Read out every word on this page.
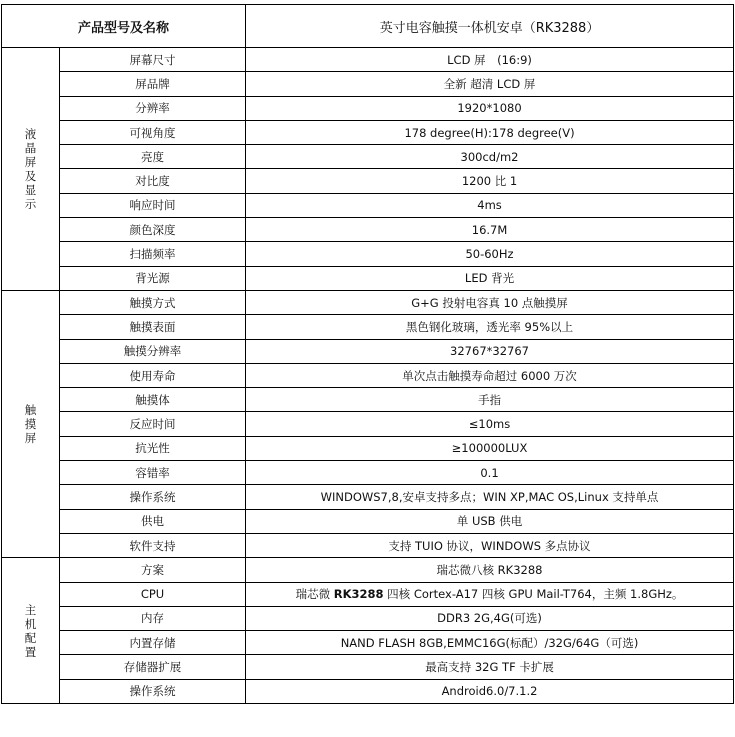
产品型号及名称		英寸电容触摸一体机安卓（RK3288）
液晶屏及显示	屏幕尺寸	LCD 屏　(16:9)
	屏品牌	全新 超清 LCD 屏
	分辨率	1920*1080
	可视角度	178 degree(H):178 degree(V)
	亮度	300cd/m2
	对比度	1200 比 1
	响应时间	4ms
	颜色深度	16.7M
	扫描频率	50-60Hz
	背光源	LED 背光
触摸屏	触摸方式	G+G 投射电容真 10 点触摸屏
	触摸表面	黑色钢化玻璃，透光率 95%以上
	触摸分辨率	32767*32767
	使用寿命	单次点击触摸寿命超过 6000 万次
	触摸体	手指
	反应时间	≤10ms
	抗光性	≥100000LUX
	容错率	0.1
	操作系统	WINDOWS7,8,安卓支持多点；WIN XP,MAC OS,Linux 支持单点
	供电	单 USB 供电
	软件支持	支持 TUIO 协议，WINDOWS 多点协议
主机配置	方案	瑞芯微八核 RK3288
	CPU	瑞芯微 RK3288 四核 Cortex-A17 四核 GPU Mail-T764，主频 1.8GHz。
	内存	DDR3 2G,4G(可选)
	内置存储	NAND FLASH 8GB,EMMC16G(标配）/32G/64G（可选)
	存储器扩展	最高支持 32G TF 卡扩展
	操作系统	Android6.0/7.1.2
